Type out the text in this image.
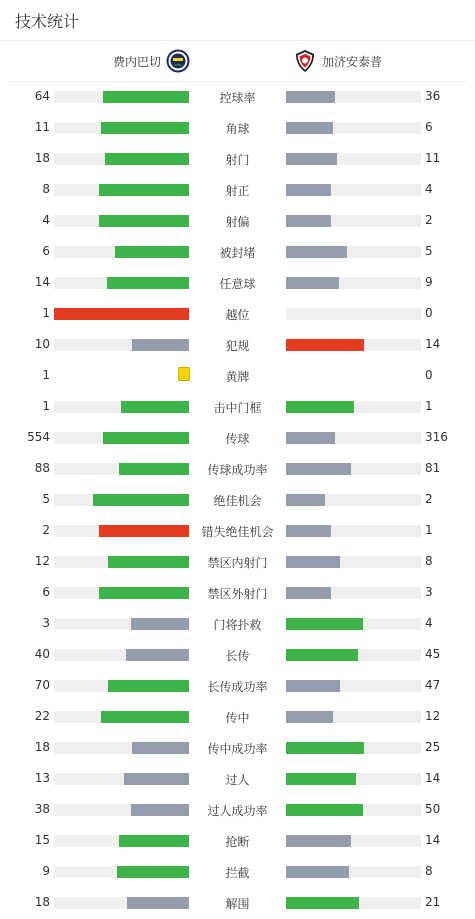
技术统计
费内巴切	加济安泰普
64	控球率	36
11	角球	6
18	射门	11
8	射正	4
4	射偏	2
6	被封堵	5
14	任意球	9
1	越位	0
10	犯规	14
1	黄牌	0
1	击中门框	1
554	传球	316
88	传球成功率	81
5	绝佳机会	2
2	错失绝佳机会	1
12	禁区内射门	8
6	禁区外射门	3
3	门将扑救	4
40	长传	45
70	长传成功率	47
22	传中	12
18	传中成功率	25
13	过人	14
38	过人成功率	50
15	抢断	14
9	拦截	8
18	解围	21
